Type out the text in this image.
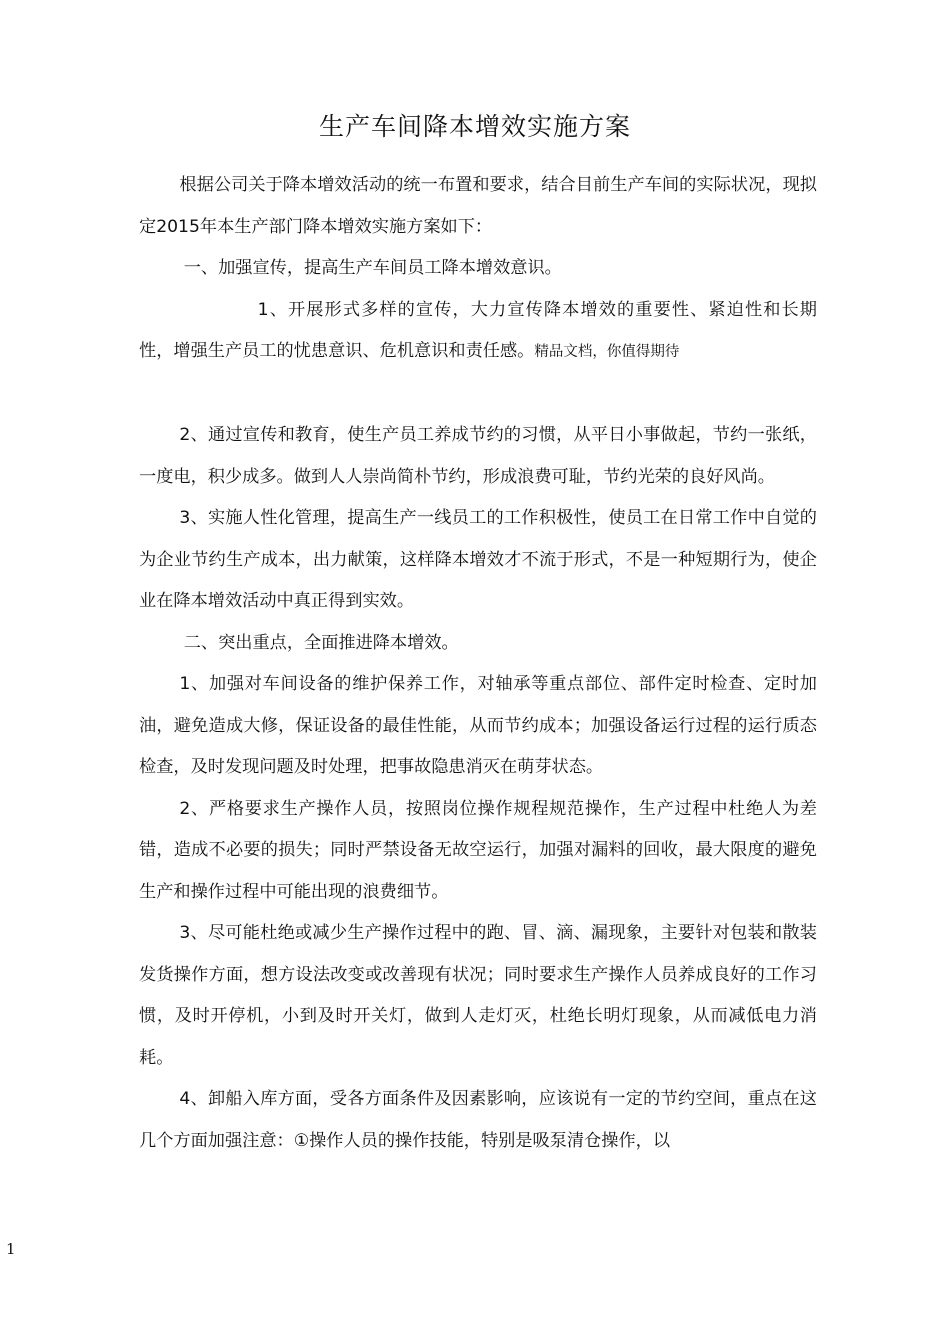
生产车间降本增效实施方案

根据公司关于降本增效活动的统一布置和要求，结合目前生产车间的实际状况，现拟定2015年本生产部门降本增效实施方案如下：

一、加强宣传，提高生产车间员工降本增效意识。

1、开展形式多样的宣传，大力宣传降本增效的重要性、紧迫性和长期性，增强生产员工的忧患意识、危机意识和责任感。精品文档，你值得期待

2、通过宣传和教育，使生产员工养成节约的习惯，从平日小事做起，节约一张纸，一度电，积少成多。做到人人崇尚简朴节约，形成浪费可耻，节约光荣的良好风尚。

3、实施人性化管理，提高生产一线员工的工作积极性，使员工在日常工作中自觉的为企业节约生产成本，出力献策，这样降本增效才不流于形式，不是一种短期行为，使企业在降本增效活动中真正得到实效。

二、突出重点，全面推进降本增效。

1、加强对车间设备的维护保养工作，对轴承等重点部位、部件定时检查、定时加油，避免造成大修，保证设备的最佳性能，从而节约成本；加强设备运行过程的运行质态检查，及时发现问题及时处理，把事故隐患消灭在萌芽状态。

2、严格要求生产操作人员，按照岗位操作规程规范操作，生产过程中杜绝人为差错，造成不必要的损失；同时严禁设备无故空运行，加强对漏料的回收，最大限度的避免生产和操作过程中可能出现的浪费细节。

3、尽可能杜绝或减少生产操作过程中的跑、冒、滴、漏现象，主要针对包装和散装发货操作方面，想方设法改变或改善现有状况；同时要求生产操作人员养成良好的工作习惯，及时开停机，小到及时开关灯，做到人走灯灭，杜绝长明灯现象，从而减低电力消耗。

4、卸船入库方面，受各方面条件及因素影响，应该说有一定的节约空间，重点在这几个方面加强注意：①操作人员的操作技能，特别是吸泵清仓操作，以

1
